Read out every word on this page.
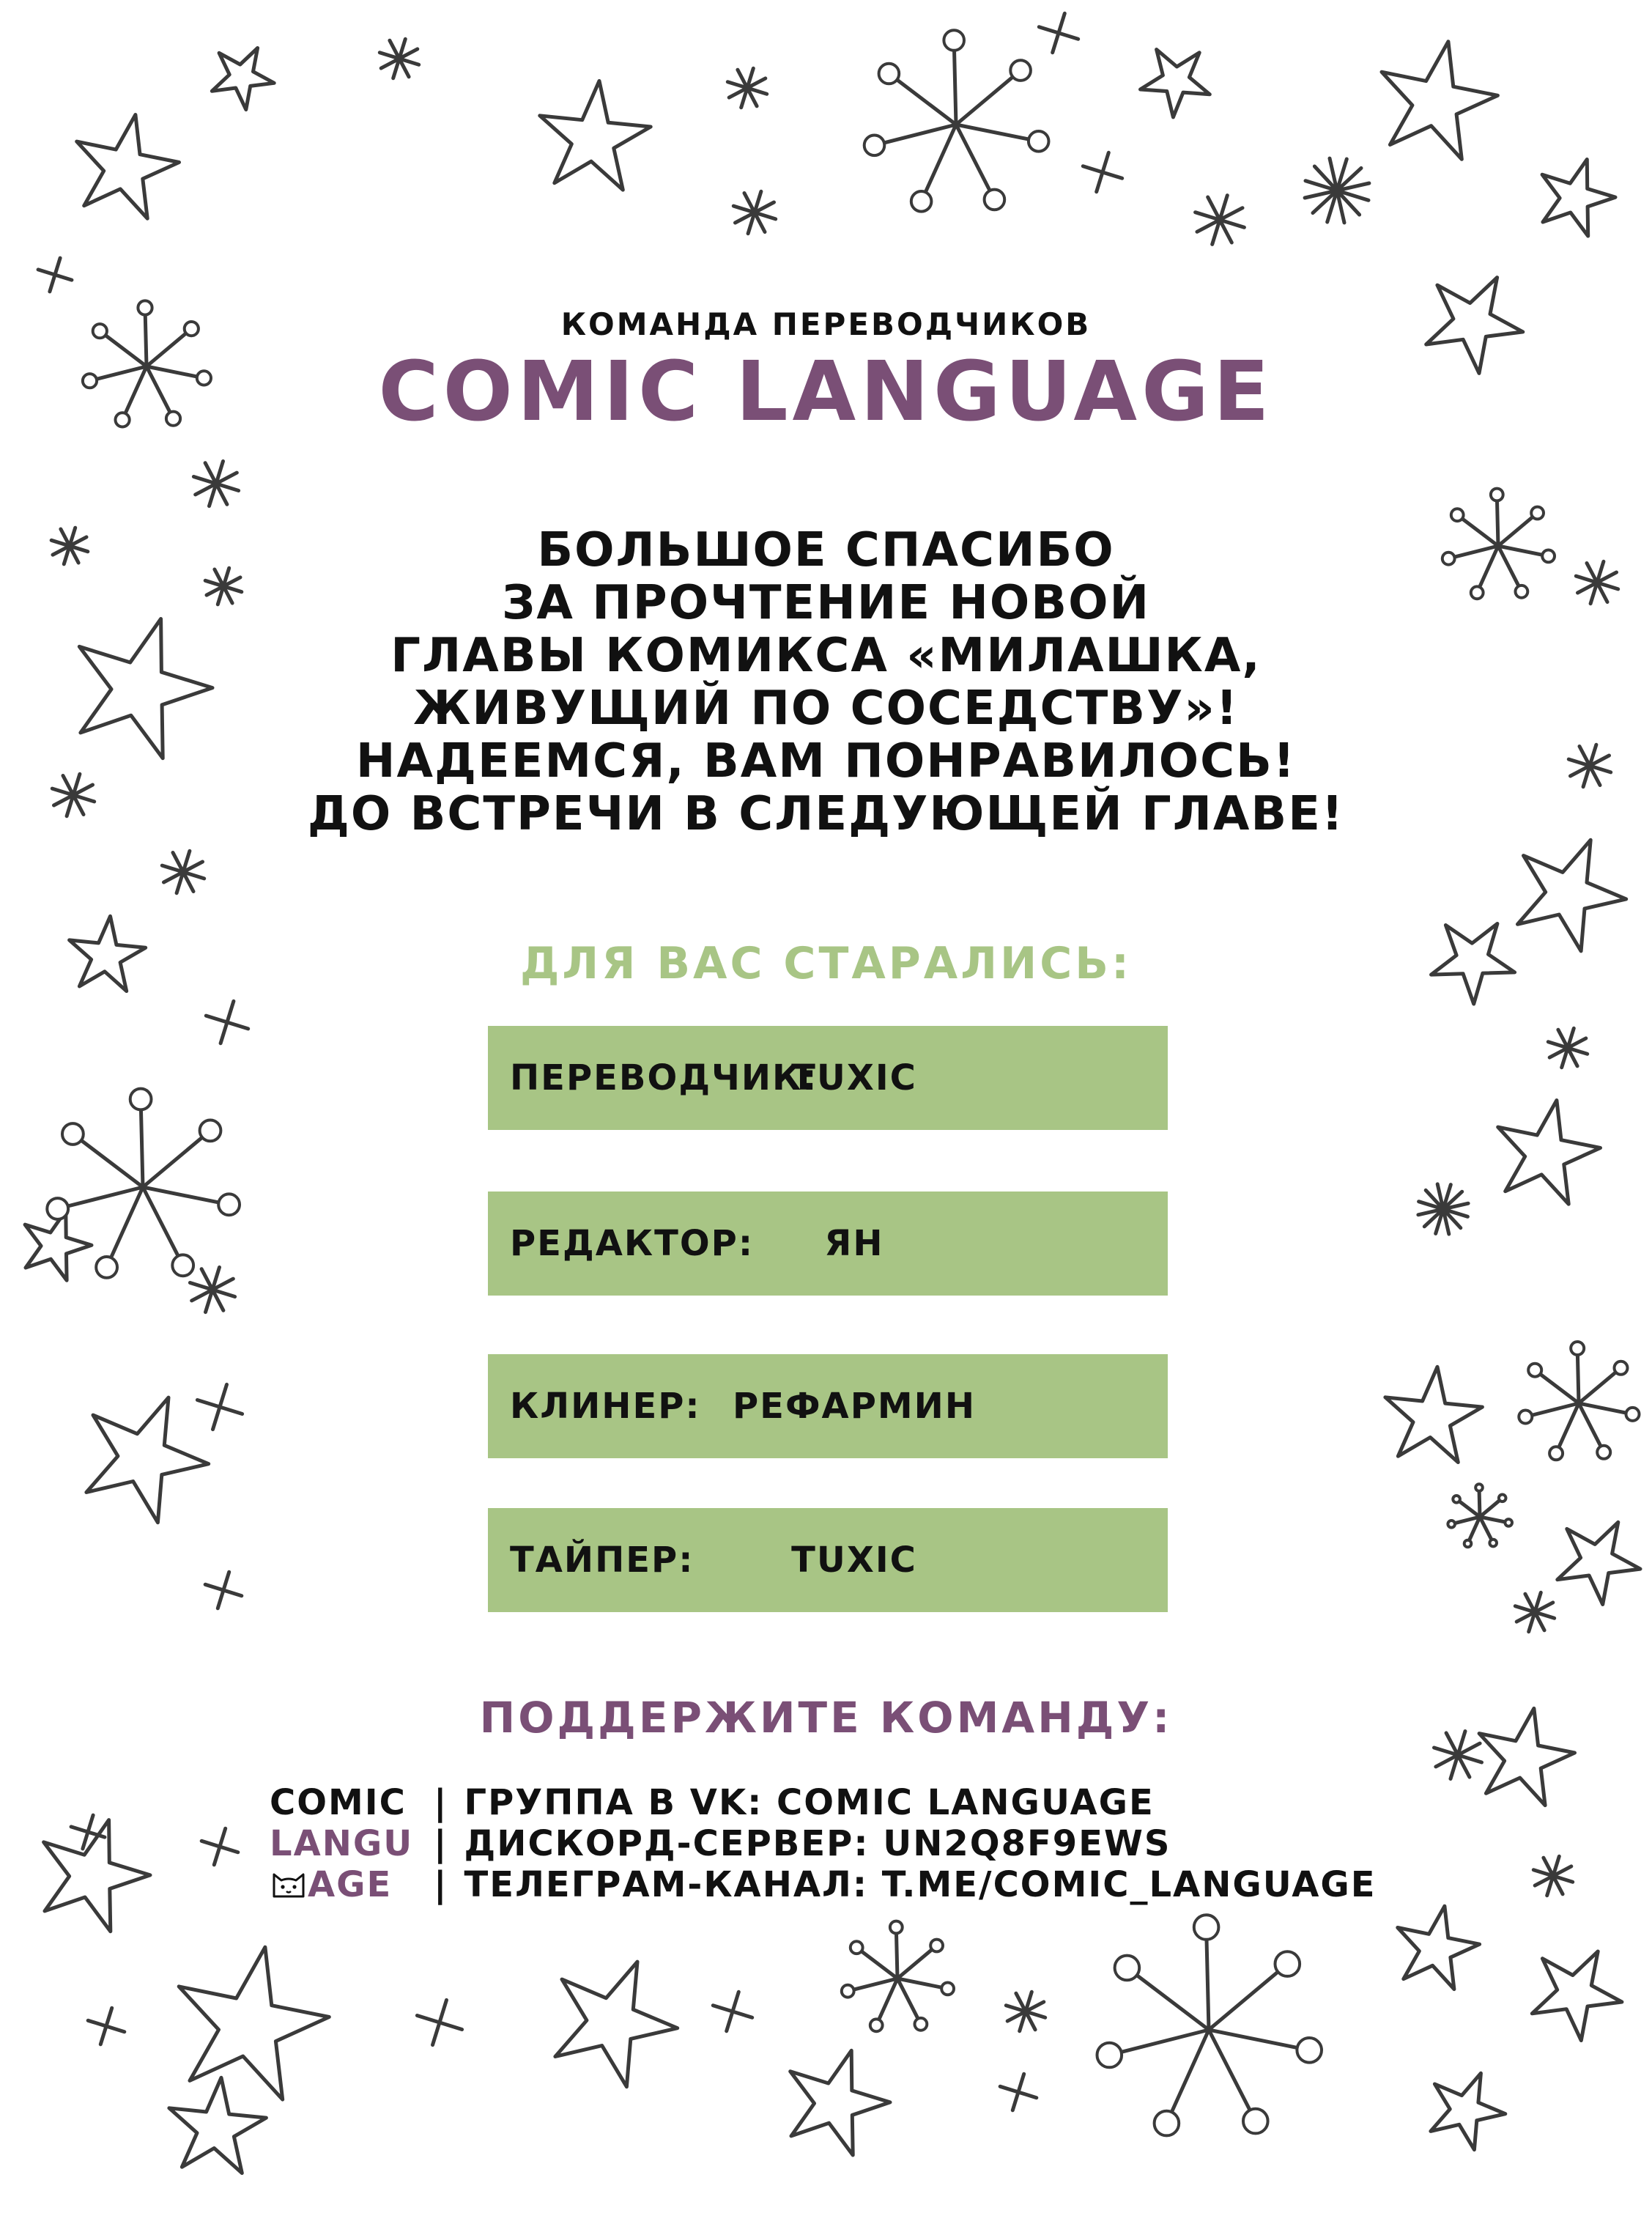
КОМАНДА ПЕРЕВОДЧИКОВ
COMIC LANGUAGE
БОЛЬШОЕ СПАСИБО
ЗА ПРОЧТЕНИЕ НОВОЙ
ГЛАВЫ КОМИКСА «МИЛАШКА,
ЖИВУЩИЙ ПО СОСЕДСТВУ»!
НАДЕЕМСЯ, ВАМ ПОНРАВИЛОСЬ!
ДО ВСТРЕЧИ В СЛЕДУЮЩЕЙ ГЛАВЕ!
ДЛЯ ВАС СТАРАЛИСЬ:
ПЕРЕВОДЧИК:
TUXIC
РЕДАКТОР:	ЯН
КЛИНЕР: РЕФАРМИН
ТАЙПЕР:	TUXIC
ПОДДЕРЖИТЕ КОМАНДУ:
COMIC
LANGU
AGE
| ГРУППА В VK: COMIC LANGUAGE
| ДИСКОРД-СЕРВЕР: UN2Q8F9EWS
| ТЕЛЕГРАМ-КАНАЛ: T.ME/COMIC_LANGUAGE
